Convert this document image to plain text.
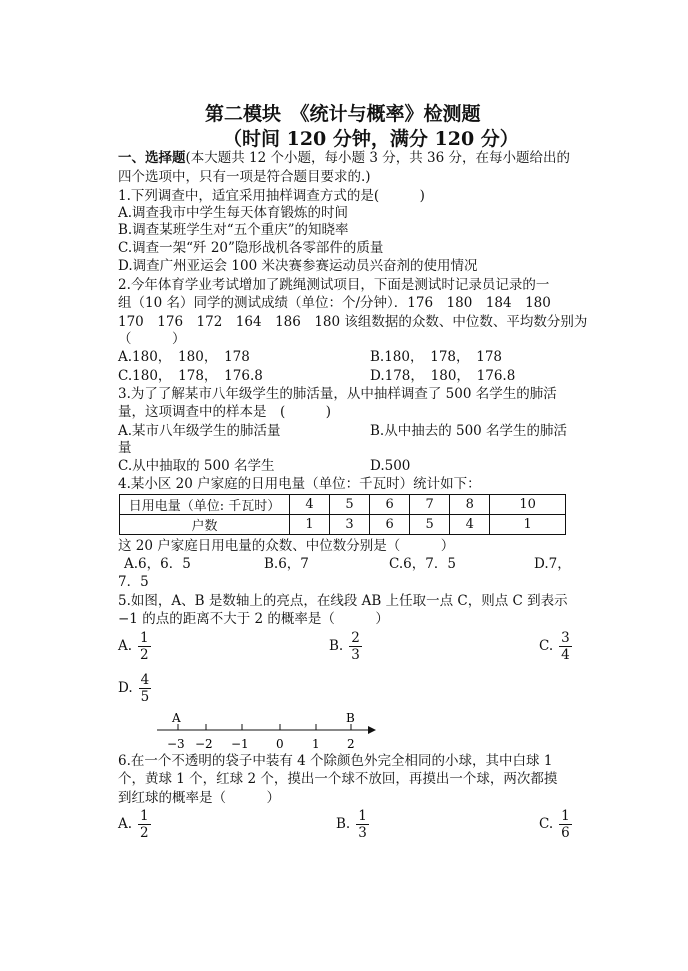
第二模块　《统计与概率》检测题
（时间 120 分钟，满分 120 分）
一、选择题(本大题共 12 个小题，每小题 3 分，共 36 分，在每小题给出的
四个选项中，只有一项是符合题目要求的.)
1.下列调查中，适宜采用抽样调查方式的是(　　　)
A.调查我市中学生每天体育锻炼的时间
B.调查某班学生对“五个重庆”的知晓率
C.调查一架“歼 20”隐形战机各零部件的质量
D.调查广州亚运会 100 米决赛参赛运动员兴奋剂的使用情况
2.今年体育学业考试增加了跳绳测试项目，下面是测试时记录员记录的一
组（10 名）同学的测试成绩（单位：个/分钟）．176　180　184　180
170　176　172　164　186　180 该组数据的众数、中位数、平均数分别为
（　　　）
A.180，　180，　178	B.180，　178，　178
C.180，　178，　176.8	D.178，　180，　176.8
3.为了了解某市八年级学生的肺活量，从中抽样调查了 500 名学生的肺活
量，这项调查中的样本是　(　　　)
A.某市八年级学生的肺活量	B.从中抽去的 500 名学生的肺活
量
C.从中抽取的 500 名学生	D.500
4.某小区 20 户家庭的日用电量（单位：千瓦时）统计如下：
日用电量（单位: 千瓦时）	4	5	6	7	8	10
户数	1	3	6	5	4	1
这 20 户家庭日用电量的众数、中位数分别是（　　　）
A.6，6．5	B.6，7	C.6，7．5	D.7，
7．5
5.如图，A、B 是数轴上的亮点，在线段 AB 上任取一点 C，则点 C 到表示
−1 的点的距离不大于 2 的概率是（　　　）
A. $\frac{1}{2}$	B. $\frac{2}{3}$	C. $\frac{3}{4}$
D. $\frac{4}{5}$
A	B
−3 −2 −1 0 1 2
6.在一个不透明的袋子中装有 4 个除颜色外完全相同的小球，其中白球 1
个，黄球 1 个，红球 2 个，摸出一个球不放回，再摸出一个球，两次都摸
到红球的概率是（　　　）
A. $\frac{1}{2}$	B. $\frac{1}{3}$	C. $\frac{1}{6}$
